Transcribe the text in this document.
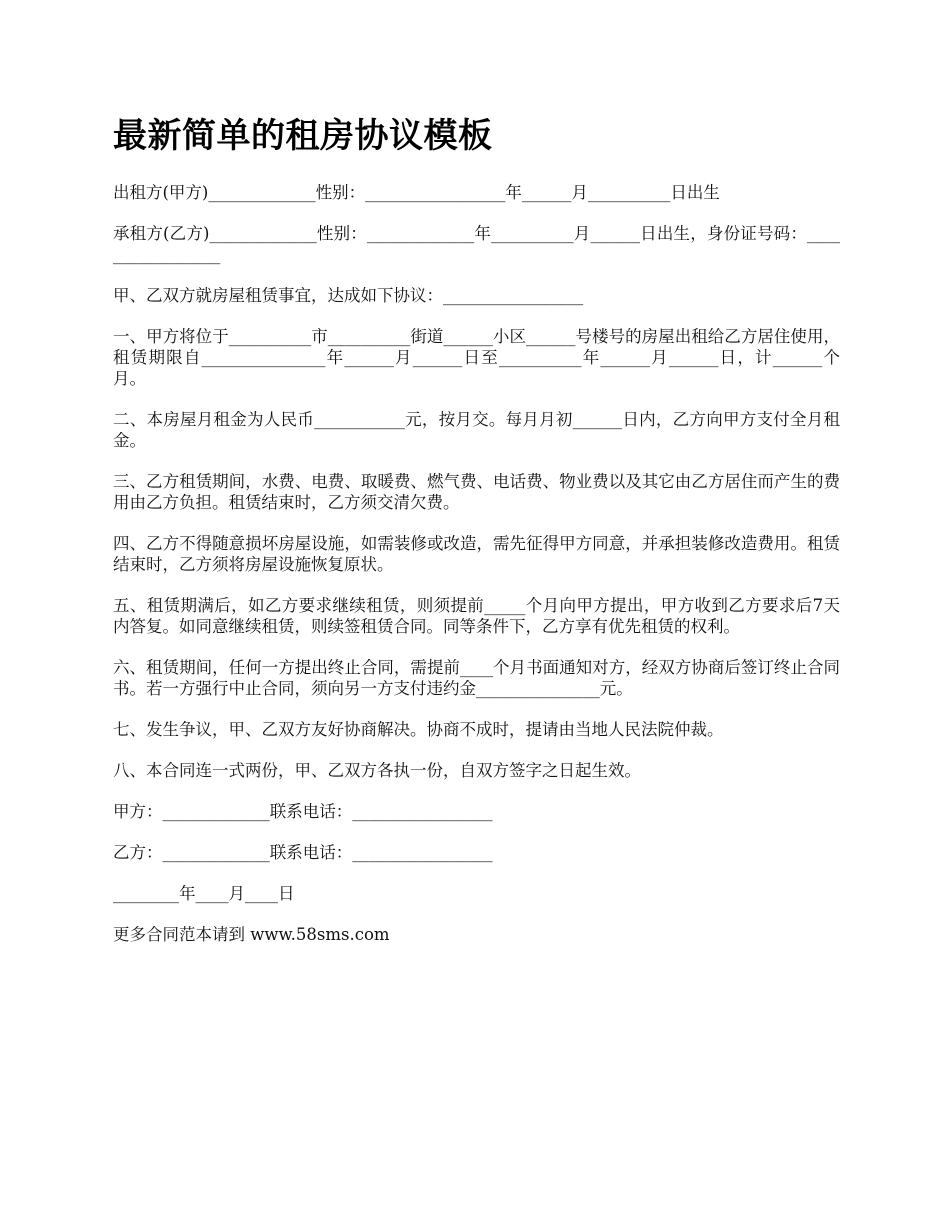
最新简单的租房协议模板

出租方(甲方)_____________性别：_________________年______月__________日出生

承租方(乙方)_____________性别：_____________年__________月______日出生，身份证号码：_________________

甲、乙双方就房屋租赁事宜，达成如下协议：_________________

一、甲方将位于__________市__________街道______小区______号楼号的房屋出租给乙方居住使用，租赁期限自_______________年______月______日至__________年______月______日，计______个月。

二、本房屋月租金为人民币___________元，按月交。每月月初______日内，乙方向甲方支付全月租金。

三、乙方租赁期间，水费、电费、取暖费、燃气费、电话费、物业费以及其它由乙方居住而产生的费用由乙方负担。租赁结束时，乙方须交清欠费。

四、乙方不得随意损坏房屋设施，如需装修或改造，需先征得甲方同意，并承担装修改造费用。租赁结束时，乙方须将房屋设施恢复原状。

五、租赁期满后，如乙方要求继续租赁，则须提前_____个月向甲方提出，甲方收到乙方要求后7天内答复。如同意继续租赁，则续签租赁合同。同等条件下，乙方享有优先租赁的权利。

六、租赁期间，任何一方提出终止合同，需提前____个月书面通知对方，经双方协商后签订终止合同书。若一方强行中止合同，须向另一方支付违约金_______________元。

七、发生争议，甲、乙双方友好协商解决。协商不成时，提请由当地人民法院仲裁。

八、本合同连一式两份，甲、乙双方各执一份，自双方签字之日起生效。

甲方：_____________联系电话：_________________

乙方：_____________联系电话：_________________

________年____月____日

更多合同范本请到 www.58sms.com
